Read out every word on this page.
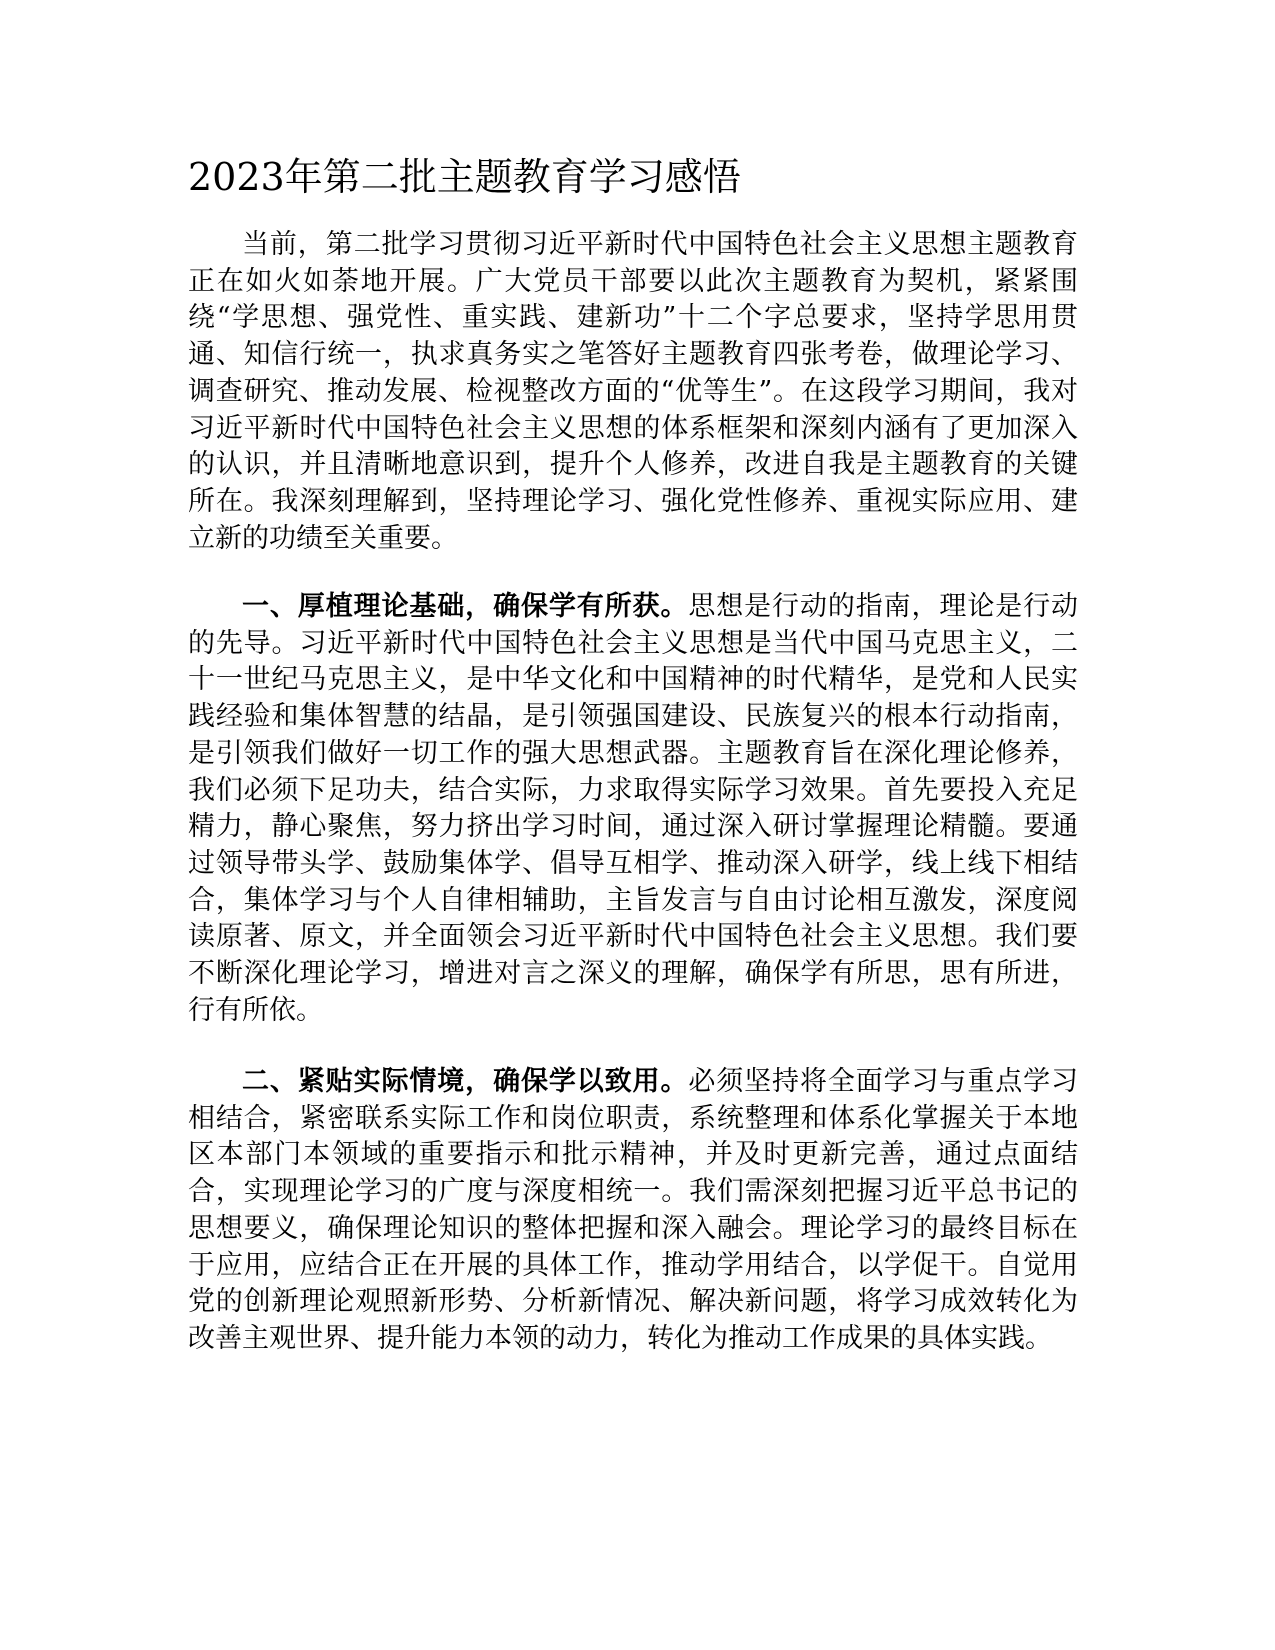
2023年第二批主题教育学习感悟

当前，第二批学习贯彻习近平新时代中国特色社会主义思想主题教育正在如火如荼地开展。广大党员干部要以此次主题教育为契机，紧紧围绕“学思想、强党性、重实践、建新功”十二个字总要求，坚持学思用贯通、知信行统一，执求真务实之笔答好主题教育四张考卷，做理论学习、调查研究、推动发展、检视整改方面的“优等生”。在这段学习期间，我对习近平新时代中国特色社会主义思想的体系框架和深刻内涵有了更加深入的认识，并且清晰地意识到，提升个人修养，改进自我是主题教育的关键所在。我深刻理解到，坚持理论学习、强化党性修养、重视实际应用、建立新的功绩至关重要。

一、厚植理论基础，确保学有所获。思想是行动的指南，理论是行动的先导。习近平新时代中国特色社会主义思想是当代中国马克思主义，二十一世纪马克思主义，是中华文化和中国精神的时代精华，是党和人民实践经验和集体智慧的结晶，是引领强国建设、民族复兴的根本行动指南，是引领我们做好一切工作的强大思想武器。主题教育旨在深化理论修养，我们必须下足功夫，结合实际，力求取得实际学习效果。首先要投入充足精力，静心聚焦，努力挤出学习时间，通过深入研讨掌握理论精髓。要通过领导带头学、鼓励集体学、倡导互相学、推动深入研学，线上线下相结合，集体学习与个人自律相辅助，主旨发言与自由讨论相互激发，深度阅读原著、原文，并全面领会习近平新时代中国特色社会主义思想。我们要不断深化理论学习，增进对言之深义的理解，确保学有所思，思有所进，行有所依。

二、紧贴实际情境，确保学以致用。必须坚持将全面学习与重点学习相结合，紧密联系实际工作和岗位职责，系统整理和体系化掌握关于本地区本部门本领域的重要指示和批示精神，并及时更新完善，通过点面结合，实现理论学习的广度与深度相统一。我们需深刻把握习近平总书记的思想要义，确保理论知识的整体把握和深入融会。理论学习的最终目标在于应用，应结合正在开展的具体工作，推动学用结合，以学促干。自觉用党的创新理论观照新形势、分析新情况、解决新问题，将学习成效转化为改善主观世界、提升能力本领的动力，转化为推动工作成果的具体实践。
